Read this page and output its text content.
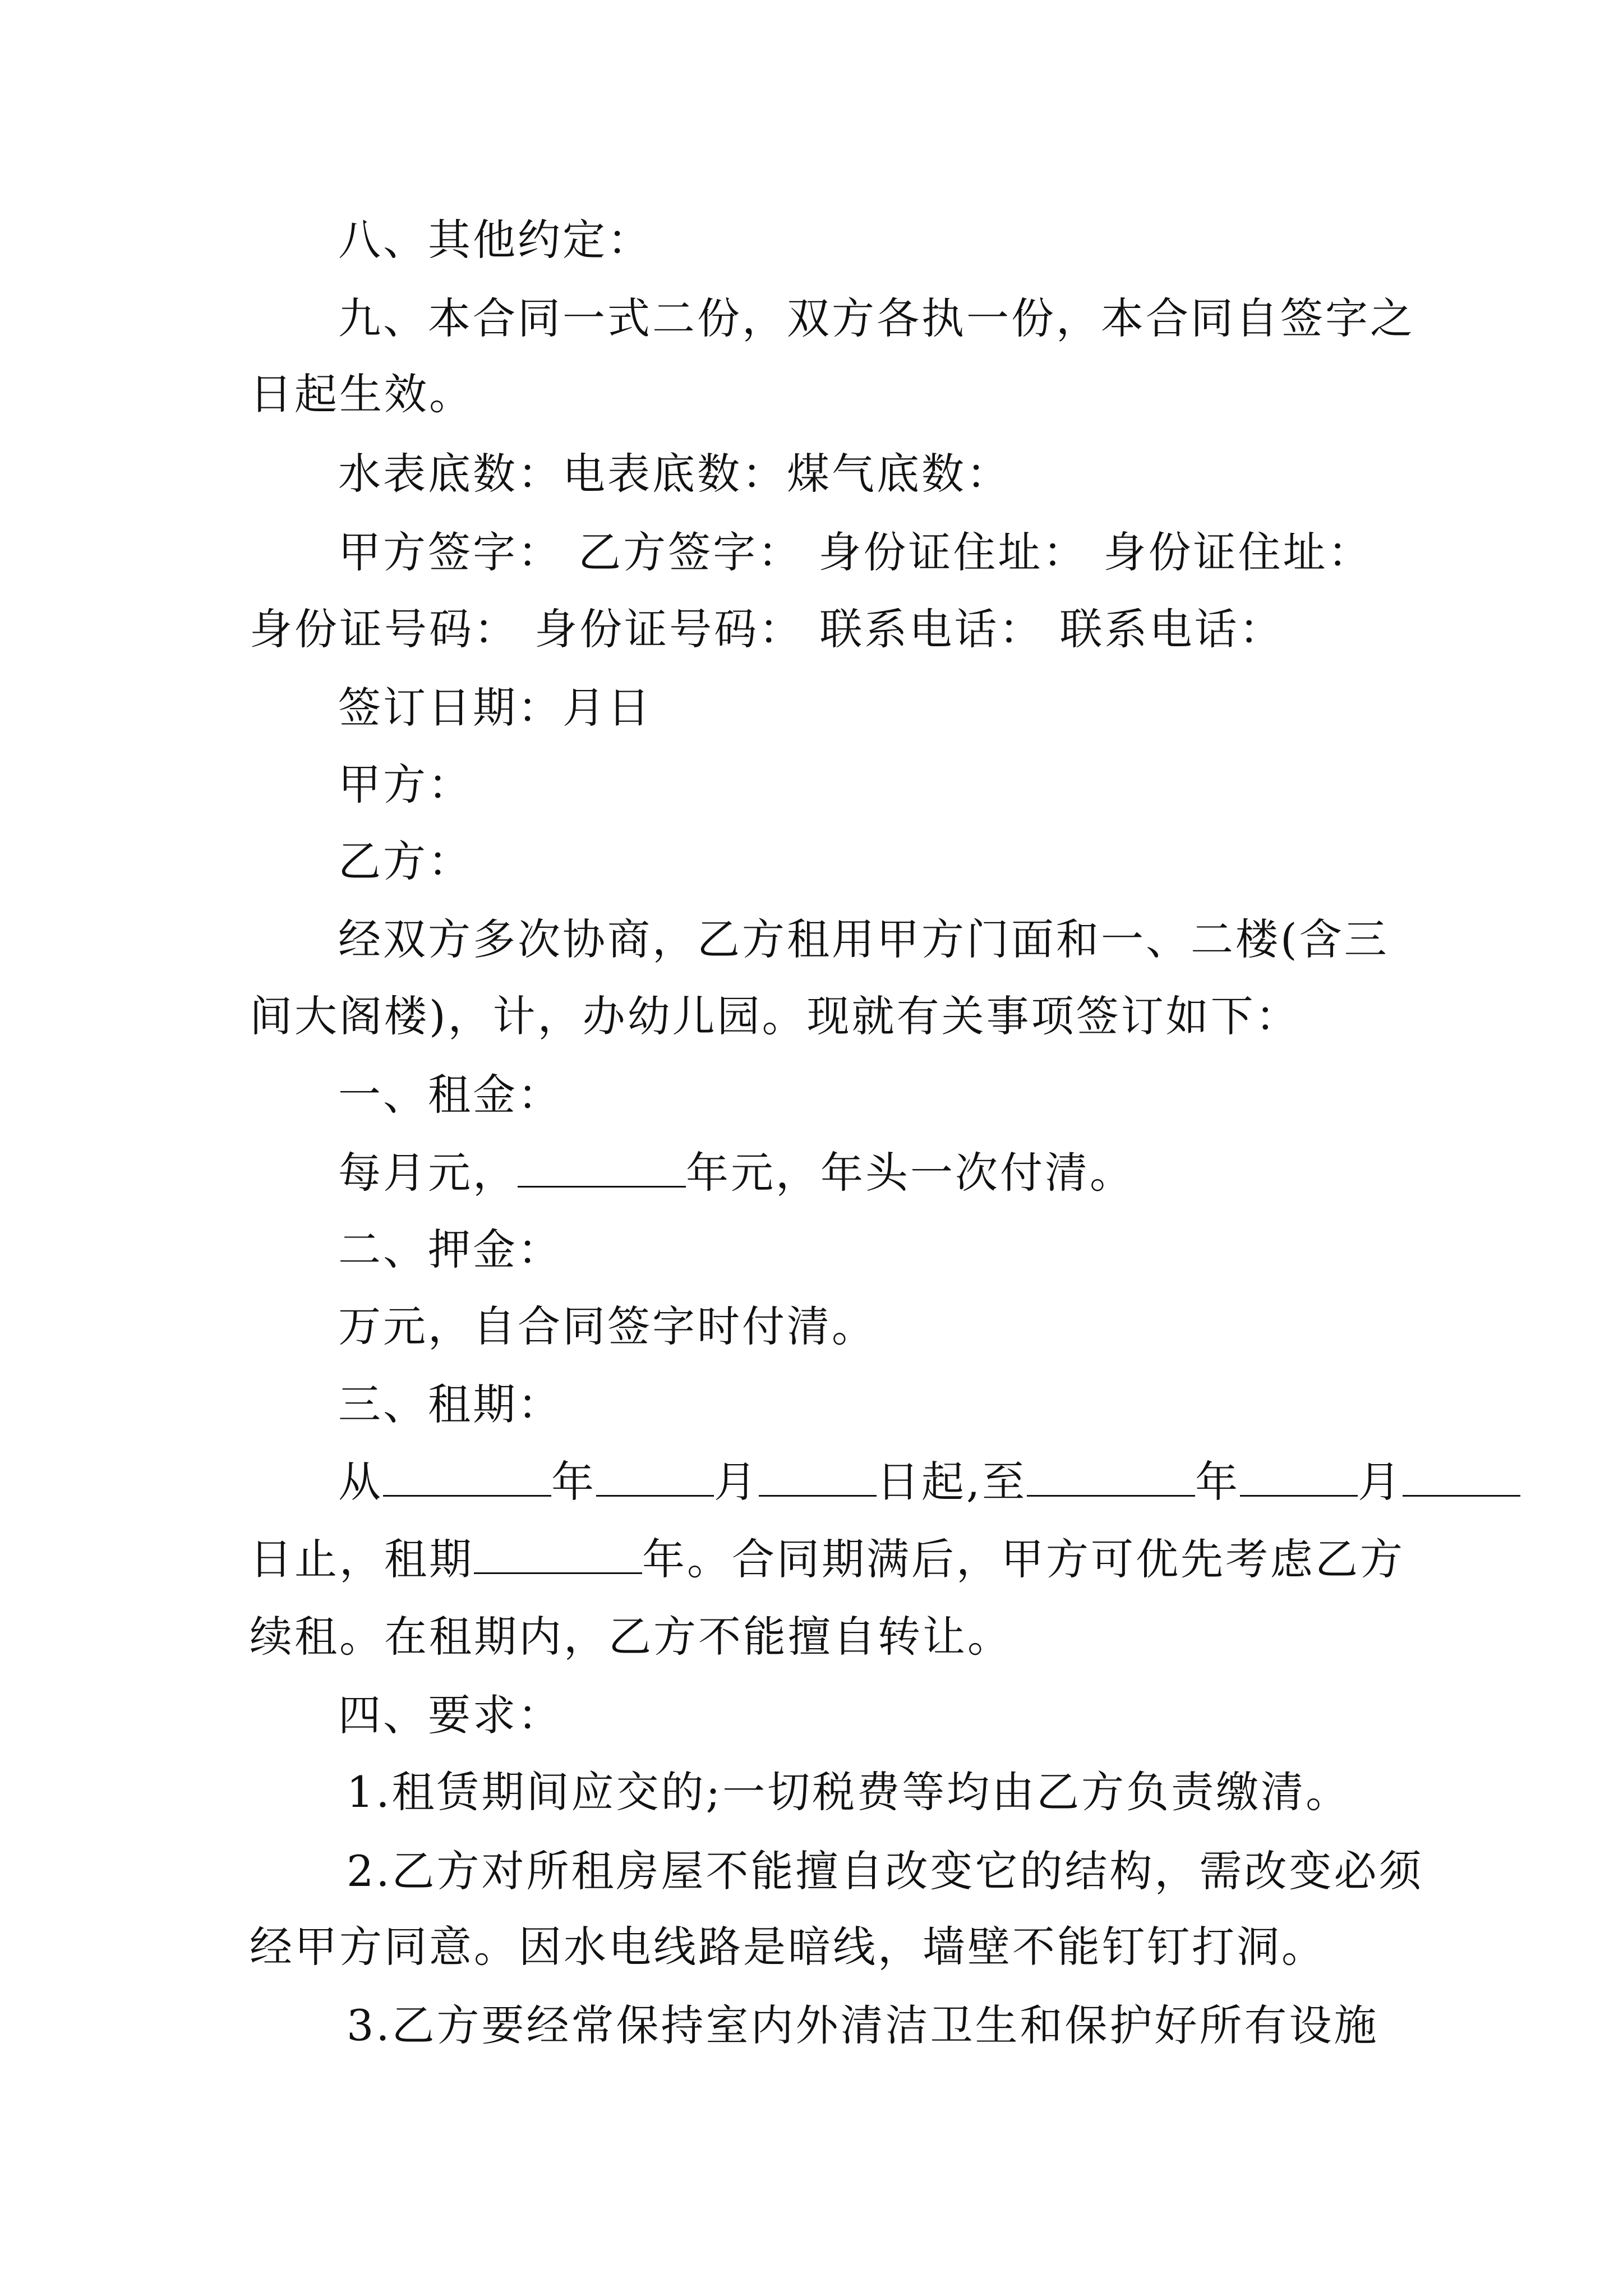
八、其他约定：
九、本合同一式二份，双方各执一份，本合同自签字之
日起生效。
水表底数：电表底数：煤气底数：
甲方签字： 乙方签字： 身份证住址： 身份证住址：
身份证号码： 身份证号码： 联系电话： 联系电话：
签订日期：月日
甲方：
乙方：
经双方多次协商，乙方租用甲方门面和一、二楼(含三
间大阁楼)，计，办幼儿园。现就有关事项签订如下：
一、租金：
每月元，	年元，年头一次付清。
二、押金：
万元，自合同签字时付清。
三、租期：
从	年	月	日起,至	年	月
日止，租期	年。合同期满后，甲方可优先考虑乙方
续租。在租期内，乙方不能擅自转让。
四、要求：
1.租赁期间应交的;一切税费等均由乙方负责缴清。
2.乙方对所租房屋不能擅自改变它的结构，需改变必须
经甲方同意。因水电线路是暗线，墙壁不能钉钉打洞。
3.乙方要经常保持室内外清洁卫生和保护好所有设施
